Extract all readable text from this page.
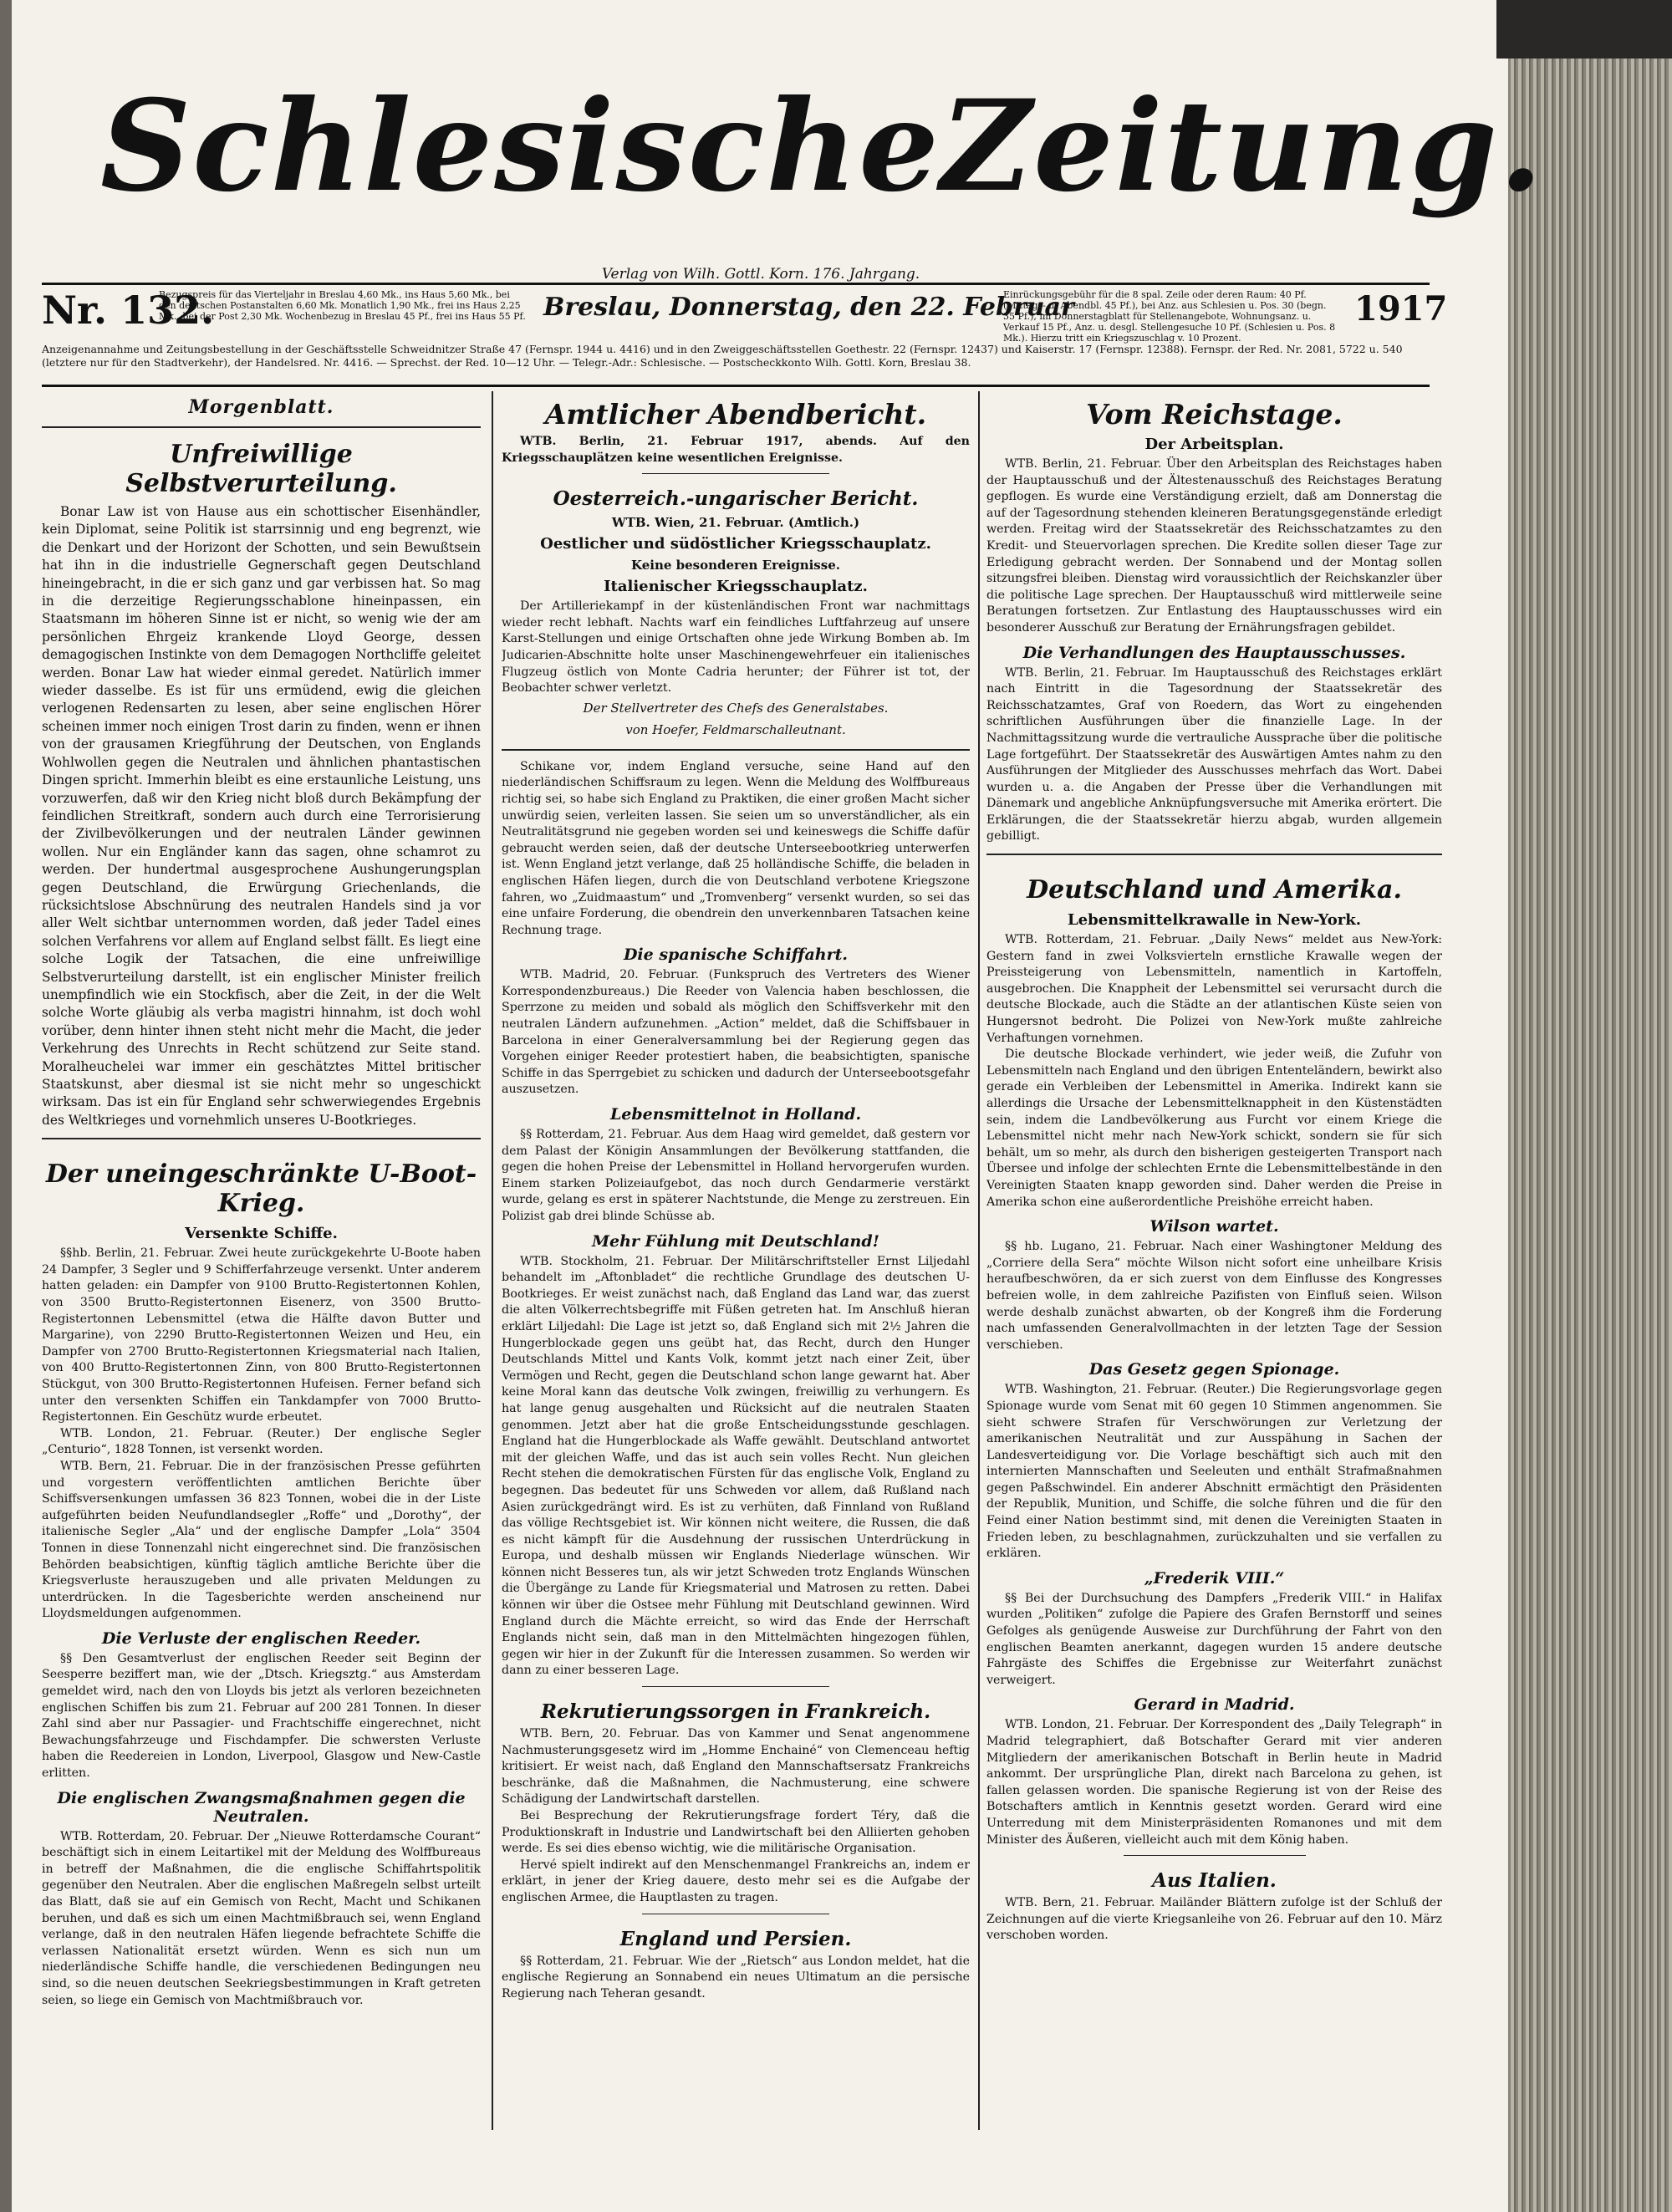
Schlesische Zeitung.
Verlag von Wilh. Gottl. Korn. 176. Jahrgang.
Nr. 132.
Bezugspreis für das Vierteljahr in Breslau 4,60 Mk., ins Haus 5,60 Mk., bei den deutschen Postanstalten 6,60 Mk. Monatlich 1,90 Mk., frei ins Haus 2,25 Mk., bei der Post 2,30 Mk. Wochenbezug in Breslau 45 Pf., frei ins Haus 55 Pf. Breslau, Donnerstag, den 22. Februar
Einrückungsgebühr für die 8 spal. Zeile oder deren Raum: 40 Pf. (Mittags- u. Abendbl. 45 Pf.), bei Anz. aus Schlesien u. Pos. 30 (begn. 35 Pf.), im Donnerstagblatt für Stellenangebote, Wohnungsanz. u. Verkauf 15 Pf., Anz. u. desgl. Stellengesuche 10 Pf. (Schlesien u. Pos. 8 Mk.). Hierzu tritt ein Kriegszuschlag v. 10 Prozent.
1917
Anzeigenannahme und Zeitungsbestellung in der Geschäftsstelle Schweidnitzer Straße 47 (Fernspr. 1944 u. 4416) und in den Zweiggeschäftsstellen Goethestr. 22 (Fernspr. 12437) und Kaiserstr. 17 (Fernspr. 12388). Fernspr. der Red. Nr. 2081, 5722 u. 540 (letztere nur für den Stadtverkehr), der Handelsred. Nr. 4416. — Sprechst. der Red. 10—12 Uhr. — Telegr.-Adr.: Schlesische. — Postscheckkonto Wilh. Gottl. Korn, Breslau 38.
Morgenblatt.
Unfreiwillige Selbstverurteilung.

Bonar Law ist von Hause aus ein schottischer Eisenhändler, kein Diplomat, seine Politik ist starrsinnig und eng begrenzt, wie die Denkart und der Horizont der Schotten, und sein Bewußtsein hat ihn in die industrielle Gegnerschaft gegen Deutschland hineingebracht, in die er sich ganz und gar verbissen hat. So mag in die derzeitige Regierungsschablone hineinpassen, ein Staatsmann im höheren Sinne ist er nicht, so wenig wie der am persönlichen Ehrgeiz krankende Lloyd George, dessen demagogischen Instinkte von dem Demagogen Northcliffe geleitet werden. Bonar Law hat wieder einmal geredet. Natürlich immer wieder dasselbe. Es ist für uns ermüdend, ewig die gleichen verlogenen Redensarten zu lesen, aber seine englischen Hörer scheinen immer noch einigen Trost darin zu finden, wenn er ihnen von der grausamen Kriegführung der Deutschen, von Englands Wohlwollen gegen die Neutralen und ähnlichen phantastischen Dingen spricht. Immerhin bleibt es eine erstaunliche Leistung, uns vorzuwerfen, daß wir den Krieg nicht bloß durch Bekämpfung der feindlichen Streitkraft, sondern auch durch eine Terrorisierung der Zivilbevölkerungen und der neutralen Länder gewinnen wollen. Nur ein Engländer kann das sagen, ohne schamrot zu werden. Der hundertmal ausgesprochene Aushungerungsplan gegen Deutschland, die Erwürgung Griechenlands, die rücksichtslose Abschnürung des neutralen Handels sind ja vor aller Welt sichtbar unternommen worden, daß jeder Tadel eines solchen Verfahrens vor allem auf England selbst fällt. Es liegt eine solche Logik der Tatsachen, die eine unfreiwillige Selbstverurteilung darstellt, ist ein englischer Minister freilich unempfindlich wie ein Stockfisch, aber die Zeit, in der die Welt solche Worte gläubig als verba magistri hinnahm, ist doch wohl vorüber, denn hinter ihnen steht nicht mehr die Macht, die jeder Verkehrung des Unrechts in Recht schützend zur Seite stand. Moralheuchelei war immer ein geschätztes Mittel britischer Staatskunst, aber diesmal ist sie nicht mehr so ungeschickt wirksam. Das ist ein für England sehr schwerwiegendes Ergebnis des Weltkrieges und vornehmlich unseres U-Bootkrieges.

Der uneingeschränkte U-Boot-Krieg.
Versenkte Schiffe.

§§hb. Berlin, 21. Februar. Zwei heute zurückgekehrte U-Boote haben 24 Dampfer, 3 Segler und 9 Schifferfahrzeuge versenkt. Unter anderem hatten geladen: ein Dampfer von 9100 Brutto-Registertonnen Kohlen, von 3500 Brutto-Registertonnen Eisenerz, von 3500 Brutto-Registertonnen Lebensmittel (etwa die Hälfte davon Butter und Margarine), von 2290 Brutto-Registertonnen Weizen und Heu, ein Dampfer von 2700 Brutto-Registertonnen Kriegsmaterial nach Italien, von 400 Brutto-Registertonnen Zinn, von 800 Brutto-Registertonnen Stückgut, von 300 Brutto-Registertonnen Hufeisen. Ferner befand sich unter den versenkten Schiffen ein Tankdampfer von 7000 Brutto-Registertonnen. Ein Geschütz wurde erbeutet.

WTB. London, 21. Februar. (Reuter.) Der englische Segler „Centurio“, 1828 Tonnen, ist versenkt worden.

WTB. Bern, 21. Februar. Die in der französischen Presse geführten und vorgestern veröffentlichten amtlichen Berichte über Schiffsversenkungen umfassen 36 823 Tonnen, wobei die in der Liste aufgeführten beiden Neufundlandsegler „Roffe“ und „Dorothy“, der italienische Segler „Ala“ und der englische Dampfer „Lola“ 3504 Tonnen in diese Tonnenzahl nicht eingerechnet sind. Die französischen Behörden beabsichtigen, künftig täglich amtliche Berichte über die Kriegsverluste herauszugeben und alle privaten Meldungen zu unterdrücken. In die Tagesberichte werden anscheinend nur Lloydsmeldungen aufgenommen.

Die Verluste der englischen Reeder.

§§ Den Gesamtverlust der englischen Reeder seit Beginn der Seesperre beziffert man, wie der „Dtsch. Kriegsztg.“ aus Amsterdam gemeldet wird, nach den von Lloyds bis jetzt als verloren bezeichneten englischen Schiffen bis zum 21. Februar auf 200 281 Tonnen. In dieser Zahl sind aber nur Passagier- und Frachtschiffe eingerechnet, nicht Bewachungsfahrzeuge und Fischdampfer. Die schwersten Verluste haben die Reedereien in London, Liverpool, Glasgow und New-Castle erlitten.

Die englischen Zwangsmaßnahmen gegen die Neutralen.

WTB. Rotterdam, 20. Februar. Der „Nieuwe Rotterdamsche Courant“ beschäftigt sich in einem Leitartikel mit der Meldung des Wolffbureaus in betreff der Maßnahmen, die die englische Schiffahrtspolitik gegenüber den Neutralen. Aber die englischen Maßregeln selbst urteilt das Blatt, daß sie auf ein Gemisch von Recht, Macht und Schikanen beruhen, und daß es sich um einen Machtmißbrauch sei, wenn England verlange, daß in den neutralen Häfen liegende befrachtete Schiffe die verlassen Nationalität ersetzt würden. Wenn es sich nun um niederländische Schiffe handle, die verschiedenen Bedingungen neu sind, so die neuen deutschen Seekriegsbestimmungen in Kraft getreten seien, so liege ein Gemisch von Machtmißbrauch vor.

Amtlicher Abendbericht.

WTB. Berlin, 21. Februar 1917, abends. Auf den Kriegsschauplätzen keine wesentlichen Ereignisse.

Oesterreich.-ungarischer Bericht.
WTB. Wien, 21. Februar. (Amtlich.)
Oestlicher und südöstlicher Kriegsschauplatz.
Keine besonderen Ereignisse.
Italienischer Kriegsschauplatz.

Der Artilleriekampf in der küstenländischen Front war nachmittags wieder recht lebhaft. Nachts warf ein feindliches Luftfahrzeug auf unsere Karst-Stellungen und einige Ortschaften ohne jede Wirkung Bomben ab. Im Judicarien-Abschnitte holte unser Maschinengewehrfeuer ein italienisches Flugzeug östlich von Monte Cadria herunter; der Führer ist tot, der Beobachter schwer verletzt.

Der Stellvertreter des Chefs des Generalstabes.
von Hoefer, Feldmarschalleutnant.

Schikane vor, indem England versuche, seine Hand auf den niederländischen Schiffsraum zu legen. Wenn die Meldung des Wolffbureaus richtig sei, so habe sich England zu Praktiken, die einer großen Macht sicher unwürdig seien, verleiten lassen. Sie seien um so unverständlicher, als ein Neutralitätsgrund nie gegeben worden sei und keineswegs die Schiffe dafür gebraucht werden seien, daß der deutsche Unterseebootkrieg unterwerfen ist. Wenn England jetzt verlange, daß 25 holländische Schiffe, die beladen in englischen Häfen liegen, durch die von Deutschland verbotene Kriegszone fahren, wo „Zuidmaastum“ und „Tromvenberg“ versenkt wurden, so sei das eine unfaire Forderung, die obendrein den unverkennbaren Tatsachen keine Rechnung trage.

Die spanische Schiffahrt.

WTB. Madrid, 20. Februar. (Funkspruch des Vertreters des Wiener Korrespondenzbureaus.) Die Reeder von Valencia haben beschlossen, die Sperrzone zu meiden und sobald als möglich den Schiffsverkehr mit den neutralen Ländern aufzunehmen. „Action“ meldet, daß die Schiffsbauer in Barcelona in einer Generalversammlung bei der Regierung gegen das Vorgehen einiger Reeder protestiert haben, die beabsichtigten, spanische Schiffe in das Sperrgebiet zu schicken und dadurch der Unterseebootsgefahr auszusetzen.

Lebensmittelnot in Holland.

§§ Rotterdam, 21. Februar. Aus dem Haag wird gemeldet, daß gestern vor dem Palast der Königin Ansammlungen der Bevölkerung stattfanden, die gegen die hohen Preise der Lebensmittel in Holland hervorgerufen wurden. Einem starken Polizeiaufgebot, das noch durch Gendarmerie verstärkt wurde, gelang es erst in späterer Nachtstunde, die Menge zu zerstreuen. Ein Polizist gab drei blinde Schüsse ab.

Mehr Fühlung mit Deutschland!

WTB. Stockholm, 21. Februar. Der Militärschriftsteller Ernst Liljedahl behandelt im „Aftonbladet“ die rechtliche Grundlage des deutschen U-Bootkrieges. Er weist zunächst nach, daß England das Land war, das zuerst die alten Völkerrechtsbegriffe mit Füßen getreten hat. Im Anschluß hieran erklärt Liljedahl: Die Lage ist jetzt so, daß England sich mit 2½ Jahren die Hungerblockade gegen uns geübt hat, das Recht, durch den Hunger Deutschlands Mittel und Kants Volk, kommt jetzt nach einer Zeit, über Vermögen und Recht, gegen die Deutschland schon lange gewarnt hat. Aber keine Moral kann das deutsche Volk zwingen, freiwillig zu verhungern. Es hat lange genug ausgehalten und Rücksicht auf die neutralen Staaten genommen. Jetzt aber hat die große Entscheidungsstunde geschlagen. England hat die Hungerblockade als Waffe gewählt. Deutschland antwortet mit der gleichen Waffe, und das ist auch sein volles Recht. Nun gleichen Recht stehen die demokratischen Fürsten für das englische Volk, England zu begegnen. Das bedeutet für uns Schweden vor allem, daß Rußland nach Asien zurückgedrängt wird. Es ist zu verhüten, daß Finnland von Rußland das völlige Rechtsgebiet ist. Wir können nicht weitere, die Russen, die daß es nicht kämpft für die Ausdehnung der russischen Unterdrückung in Europa, und deshalb müssen wir Englands Niederlage wünschen. Wir können nicht Besseres tun, als wir jetzt Schweden trotz Englands Wünschen die Übergänge zu Lande für Kriegsmaterial und Matrosen zu retten. Dabei können wir über die Ostsee mehr Fühlung mit Deutschland gewinnen. Wird England durch die Mächte erreicht, so wird das Ende der Herrschaft Englands nicht sein, daß man in den Mittelmächten hingezogen fühlen, gegen wir hier in der Zukunft für die Interessen zusammen. So werden wir dann zu einer besseren Lage.

Rekrutierungssorgen in Frankreich.

WTB. Bern, 20. Februar. Das von Kammer und Senat angenommene Nachmusterungsgesetz wird im „Homme Enchainé“ von Clemenceau heftig kritisiert. Er weist nach, daß England den Mannschaftsersatz Frankreichs beschränke, daß die Maßnahmen, die Nachmusterung, eine schwere Schädigung der Landwirtschaft darstellen.

Bei Besprechung der Rekrutierungsfrage fordert Téry, daß die Produktionskraft in Industrie und Landwirtschaft bei den Alliierten gehoben werde. Es sei dies ebenso wichtig, wie die militärische Organisation.

Hervé spielt indirekt auf den Menschenmangel Frankreichs an, indem er erklärt, in jener der Krieg dauere, desto mehr sei es die Aufgabe der englischen Armee, die Hauptlasten zu tragen.

England und Persien.

§§ Rotterdam, 21. Februar. Wie der „Rietsch“ aus London meldet, hat die englische Regierung an Sonnabend ein neues Ultimatum an die persische Regierung nach Teheran gesandt.

Vom Reichstage.
Der Arbeitsplan.

WTB. Berlin, 21. Februar. Über den Arbeitsplan des Reichstages haben der Hauptausschuß und der Ältestenausschuß des Reichstages Beratung gepflogen. Es wurde eine Verständigung erzielt, daß am Donnerstag die auf der Tagesordnung stehenden kleineren Beratungsgegenstände erledigt werden. Freitag wird der Staatssekretär des Reichsschatzamtes zu den Kredit- und Steuervorlagen sprechen. Die Kredite sollen dieser Tage zur Erledigung gebracht werden. Der Sonnabend und der Montag sollen sitzungsfrei bleiben. Dienstag wird voraussichtlich der Reichskanzler über die politische Lage sprechen. Der Hauptausschuß wird mittlerweile seine Beratungen fortsetzen. Zur Entlastung des Hauptausschusses wird ein besonderer Ausschuß zur Beratung der Ernährungsfragen gebildet.

Die Verhandlungen des Hauptausschusses.

WTB. Berlin, 21. Februar. Im Hauptausschuß des Reichstages erklärt nach Eintritt in die Tagesordnung der Staatssekretär des Reichsschatzamtes, Graf von Roedern, das Wort zu eingehenden schriftlichen Ausführungen über die finanzielle Lage. In der Nachmittagssitzung wurde die vertrauliche Aussprache über die politische Lage fortgeführt. Der Staatssekretär des Auswärtigen Amtes nahm zu den Ausführungen der Mitglieder des Ausschusses mehrfach das Wort. Dabei wurden u. a. die Angaben der Presse über die Verhandlungen mit Dänemark und angebliche Anknüpfungsversuche mit Amerika erörtert. Die Erklärungen, die der Staatssekretär hierzu abgab, wurden allgemein gebilligt.

Deutschland und Amerika.
Lebensmittelkrawalle in New-York.

WTB. Rotterdam, 21. Februar. „Daily News“ meldet aus New-York: Gestern fand in zwei Volksvierteln ernstliche Krawalle wegen der Preissteigerung von Lebensmitteln, namentlich in Kartoffeln, ausgebrochen. Die Knappheit der Lebensmittel sei verursacht durch die deutsche Blockade, auch die Städte an der atlantischen Küste seien von Hungersnot bedroht. Die Polizei von New-York mußte zahlreiche Verhaftungen vornehmen.

Die deutsche Blockade verhindert, wie jeder weiß, die Zufuhr von Lebensmitteln nach England und den übrigen Ententeländern, bewirkt also gerade ein Verbleiben der Lebensmittel in Amerika. Indirekt kann sie allerdings die Ursache der Lebensmittelknappheit in den Küstenstädten sein, indem die Landbevölkerung aus Furcht vor einem Kriege die Lebensmittel nicht mehr nach New-York schickt, sondern sie für sich behält, um so mehr, als durch den bisherigen gesteigerten Transport nach Übersee und infolge der schlechten Ernte die Lebensmittelbestände in den Vereinigten Staaten knapp geworden sind. Daher werden die Preise in Amerika schon eine außerordentliche Preishöhe erreicht haben.

Wilson wartet.

§§ hb. Lugano, 21. Februar. Nach einer Washingtoner Meldung des „Corriere della Sera“ möchte Wilson nicht sofort eine unheilbare Krisis heraufbeschwören, da er sich zuerst von dem Einflusse des Kongresses befreien wolle, in dem zahlreiche Pazifisten von Einfluß seien. Wilson werde deshalb zunächst abwarten, ob der Kongreß ihm die Forderung nach umfassenden Generalvollmachten in der letzten Tage der Session verschieben.

Das Gesetz gegen Spionage.

WTB. Washington, 21. Februar. (Reuter.) Die Regierungsvorlage gegen Spionage wurde vom Senat mit 60 gegen 10 Stimmen angenommen. Sie sieht schwere Strafen für Verschwörungen zur Verletzung der amerikanischen Neutralität und zur Ausspähung in Sachen der Landesverteidigung vor. Die Vorlage beschäftigt sich auch mit den internierten Mannschaften und Seeleuten und enthält Strafmaßnahmen gegen Paßschwindel. Ein anderer Abschnitt ermächtigt den Präsidenten der Republik, Munition, und Schiffe, die solche führen und die für den Feind einer Nation bestimmt sind, mit denen die Vereinigten Staaten in Frieden leben, zu beschlagnahmen, zurückzuhalten und sie verfallen zu erklären.

„Frederik VIII.“

§§ Bei der Durchsuchung des Dampfers „Frederik VIII.“ in Halifax wurden „Politiken“ zufolge die Papiere des Grafen Bernstorff und seines Gefolges als genügende Ausweise zur Durchführung der Fahrt von den englischen Beamten anerkannt, dagegen wurden 15 andere deutsche Fahrgäste des Schiffes die Ergebnisse zur Weiterfahrt zunächst verweigert.

Gerard in Madrid.

WTB. London, 21. Februar. Der Korrespondent des „Daily Telegraph“ in Madrid telegraphiert, daß Botschafter Gerard mit vier anderen Mitgliedern der amerikanischen Botschaft in Berlin heute in Madrid ankommt. Der ursprüngliche Plan, direkt nach Barcelona zu gehen, ist fallen gelassen worden. Die spanische Regierung ist von der Reise des Botschafters amtlich in Kenntnis gesetzt worden. Gerard wird eine Unterredung mit dem Ministerpräsidenten Romanones und mit dem Minister des Äußeren, vielleicht auch mit dem König haben.

Aus Italien.

WTB. Bern, 21. Februar. Mailänder Blättern zufolge ist der Schluß der Zeichnungen auf die vierte Kriegsanleihe von 26. Februar auf den 10. März verschoben worden.
